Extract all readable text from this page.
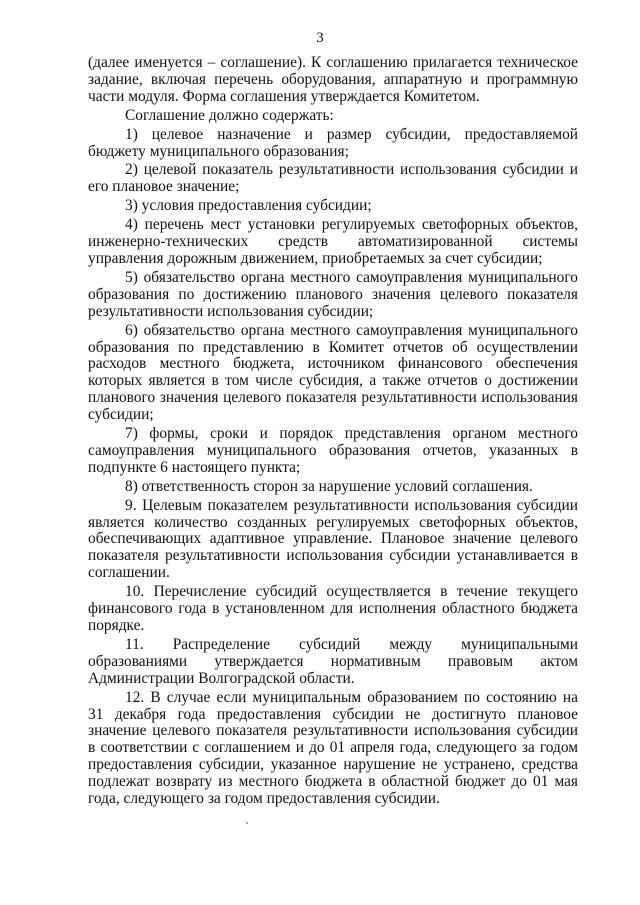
3

(далее именуется – соглашение). К соглашению прилагается техническое задание, включая перечень оборудования, аппаратную и программную части модуля. Форма соглашения утверждается Комитетом.

Соглашение должно содержать:

1) целевое назначение и размер субсидии, предоставляемой бюджету муниципального образования;

2) целевой показатель результативности использования субсидии и его плановое значение;

3) условия предоставления субсидии;

4) перечень мест установки регулируемых светофорных объектов, инженерно-технических средств автоматизированной системы управления дорожным движением, приобретаемых за счет субсидии;

5) обязательство органа местного самоуправления муниципального образования по достижению планового значения целевого показателя результативности использования субсидии;

6) обязательство органа местного самоуправления муниципального образования по представлению в Комитет отчетов об осуществлении расходов местного бюджета, источником финансового обеспечения которых является в том числе субсидия, а также отчетов о достижении планового значения целевого показателя результативности использования субсидии;

7) формы, сроки и порядок представления органом местного самоуправления муниципального образования отчетов, указанных в подпункте 6 настоящего пункта;

8) ответственность сторон за нарушение условий соглашения.

9. Целевым показателем результативности использования субсидии является количество созданных регулируемых светофорных объектов, обеспечивающих адаптивное управление. Плановое значение целевого показателя результативности использования субсидии устанавливается в соглашении.

10. Перечисление субсидий осуществляется в течение текущего финансового года в установленном для исполнения областного бюджета порядке.

11. Распределение субсидий между муниципальными образованиями утверждается нормативным правовым актом Администрации Волгоградской области.

12. В случае если муниципальным образованием по состоянию на 31 декабря года предоставления субсидии не достигнуто плановое значение целевого показателя результативности использования субсидии в соответствии с соглашением и до 01 апреля года, следующего за годом предоставления субсидии, указанное нарушение не устранено, средства подлежат возврату из местного бюджета в областной бюджет до 01 мая года, следующего за годом предоставления субсидии.
